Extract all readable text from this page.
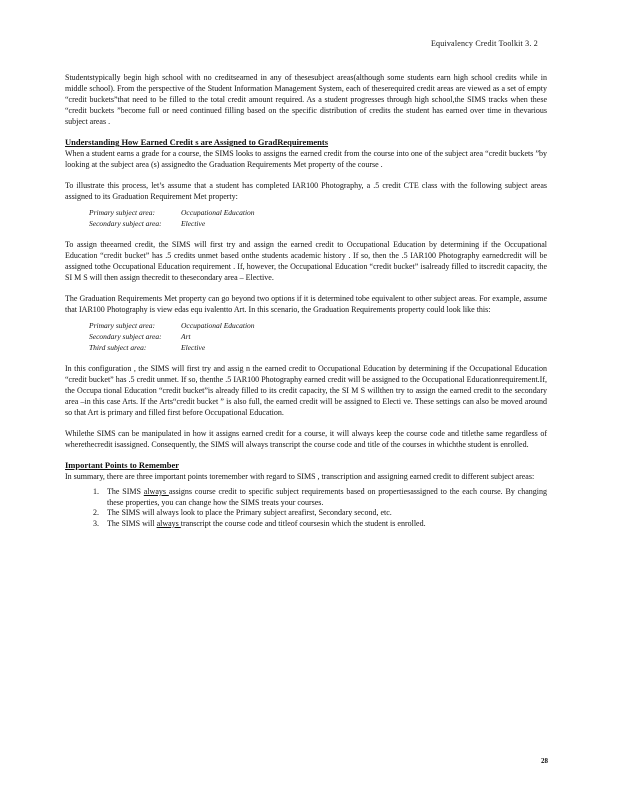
Equivalency Credit Toolkit 3. 2

Studentstypically begin high school with no creditsearned in any of thesesubject areas(although some students earn high school credits while in middle school). From the perspective of the Student Information Management System, each of theserequired credit areas are viewed as a set of empty “credit buckets”that need to be filled to the total credit amount required. As a student progresses through high school,the SIMS tracks when these “credit buckets ”become full or need continued filling based on the specific distribution of credits the student has earned over time in thevarious subject areas .

Understanding How Earned Credit s are Assigned to GradRequirements

When a student earns a grade for a course, the SIMS looks to assigns the earned credit from the course into one of the subject area “credit buckets ”by looking at the subject area (s) assignedto the Graduation Requirements Met property of the course .

To illustrate this process, let’s assume that a student has completed IAR100 Photography, a .5 credit CTE class with the following subject areas assigned to its Graduation Requirement Met property:

Primary subject area:	Occupational Education
Secondary subject area:	Elective

To assign theearned credit, the SIMS will first try and assign the earned credit to Occupational Education by determining if the Occupational Education “credit bucket” has .5 credits unmet based onthe students academic history . If so, then the .5 IAR100 Photography earnedcredit will be assigned tothe Occupational Education requirement . If, however, the Occupational Education “credit bucket” isalready filled to itscredit capacity, the SI M S will then assign thecredit to thesecondary area – Elective.

The Graduation Requirements Met property can go beyond two options if it is determined tobe equivalent to other subject areas. For example, assume that IAR100 Photography is view edas equ ivalentto Art. In this scenario, the Graduation Requirements property could look like this:

Primary subject area:	Occupational Education
Secondary subject area:	Art
Third subject area:	Elective

In this configuration , the SIMS will first try and assig n the earned credit to Occupational Education by determining if the Occupational Education “credit bucket” has .5 credit unmet. If so, thenthe .5 IAR100 Photography earned credit will be assigned to the Occupational Educationrequirement.If, the Occupa tional Education “credit bucket”is already filled to its credit capacity, the SI M S willthen try to assign the earned credit to the secondary area –in this case Arts. If the Arts“credit bucket ” is also full, the earned credit will be assigned to Electi ve. These settings can also be moved around so that Art is primary and filled first before Occupational Education.

Whilethe SIMS can be manipulated in how it assigns earned credit for a course, it will always keep the course code and titlethe same regardless of wherethecredit isassigned. Consequently, the SIMS will always transcript the course code and title of the courses in whichthe student is enrolled.

Important Points to Remember

In summary, there are three important points toremember with regard to SIMS , transcription and assigning earned credit to different subject areas:

1. The SIMS always assigns course credit to specific subject requirements based on propertiesassigned to the each course. By changing these properties, you can change how the SIMS treats your courses.
2. The SIMS will always look to place the Primary subject areafirst, Secondary second, etc.
3. The SIMS will always transcript the course code and titleof coursesin which the student is enrolled.
28
